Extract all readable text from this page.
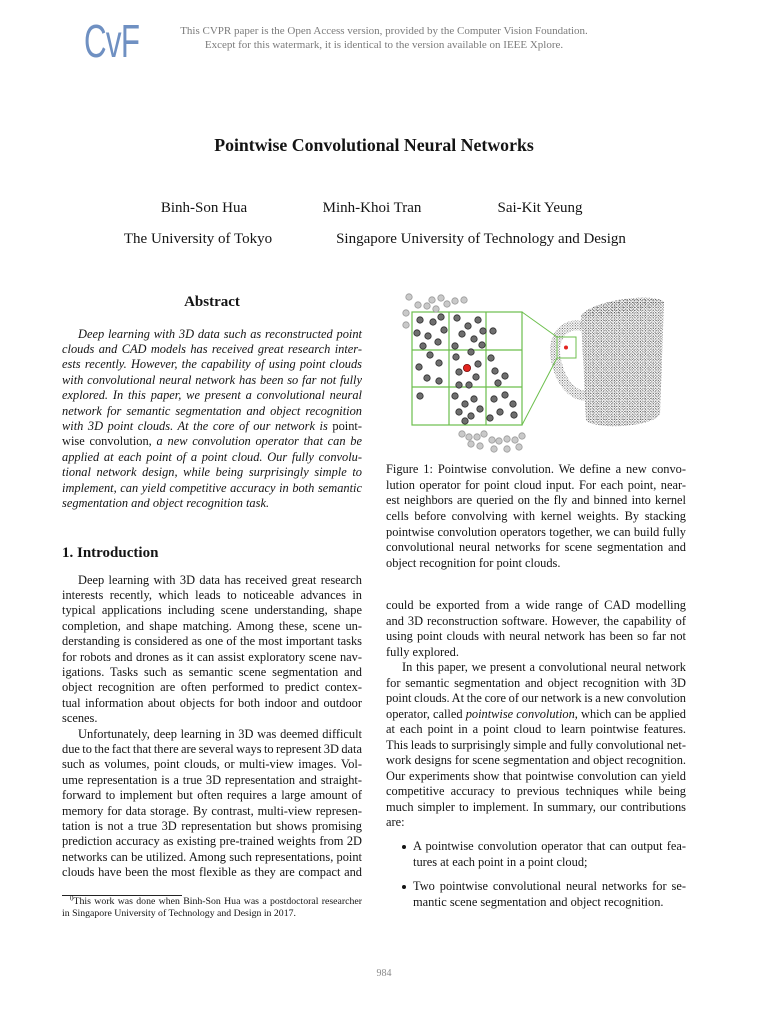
CvF	This CVPR paper is the Open Access version, provided by the Computer Vision Foundation.
Except for this watermark, it is identical to the version available on IEEE Xplore.
Pointwise Convolutional Neural Networks
Binh-Son Hua	Minh-Khoi Tran	Sai-Kit Yeung
The University of Tokyo	Singapore University of Technology and Design
Abstract
Deep learning with 3D data such as reconstructed point
clouds and CAD models has received great research inter-
ests recently. However, the capability of using point clouds
with convolutional neural network has been so far not fully
explored. In this paper, we present a convolutional neural
network for semantic segmentation and object recognition
with 3D point clouds. At the core of our network is point-
wise convolution, a new convolution operator that can be
applied at each point of a point cloud. Our fully convolu-
tional network design, while being surprisingly simple to
implement, can yield competitive accuracy in both semantic
segmentation and object recognition task.
1. Introduction
Deep learning with 3D data has received great research
interests recently, which leads to noticeable advances in
typical applications including scene understanding, shape
completion, and shape matching. Among these, scene un-
derstanding is considered as one of the most important tasks
for robots and drones as it can assist exploratory scene nav-
igations. Tasks such as semantic scene segmentation and
object recognition are often performed to predict contex-
tual information about objects for both indoor and outdoor
scenes.
Unfortunately, deep learning in 3D was deemed difficult
due to the fact that there are several ways to represent 3D data
such as volumes, point clouds, or multi-view images. Vol-
ume representation is a true 3D representation and straight-
forward to implement but often requires a large amount of
memory for data storage. By contrast, multi-view represen-
tation is not a true 3D representation but shows promising
prediction accuracy as existing pre-trained weights from 2D
networks can be utilized. Among such representations, point
clouds have been the most flexible as they are compact and
$^0$This work was done when Binh-Son Hua was a postdoctoral researcher
in Singapore University of Technology and Design in 2017.
Figure 1: Pointwise convolution. We define a new convo-
lution operator for point cloud input. For each point, near-
est neighbors are queried on the fly and binned into kernel
cells before convolving with kernel weights. By stacking
pointwise convolution operators together, we can build fully
convolutional neural networks for scene segmentation and
object recognition for point clouds.
could be exported from a wide range of CAD modelling
and 3D reconstruction software. However, the capability of
using point clouds with neural network has been so far not
fully explored.
In this paper, we present a convolutional neural network
for semantic segmentation and object recognition with 3D
point clouds. At the core of our network is a new convolution
operator, called pointwise convolution, which can be applied
at each point in a point cloud to learn pointwise features.
This leads to surprisingly simple and fully convolutional net-
work designs for scene segmentation and object recognition.
Our experiments show that pointwise convolution can yield
competitive accuracy to previous techniques while being
much simpler to implement. In summary, our contributions
are:
A pointwise convolution operator that can output fea-
tures at each point in a point cloud;
Two pointwise convolutional neural networks for se-
mantic scene segmentation and object recognition.
984
